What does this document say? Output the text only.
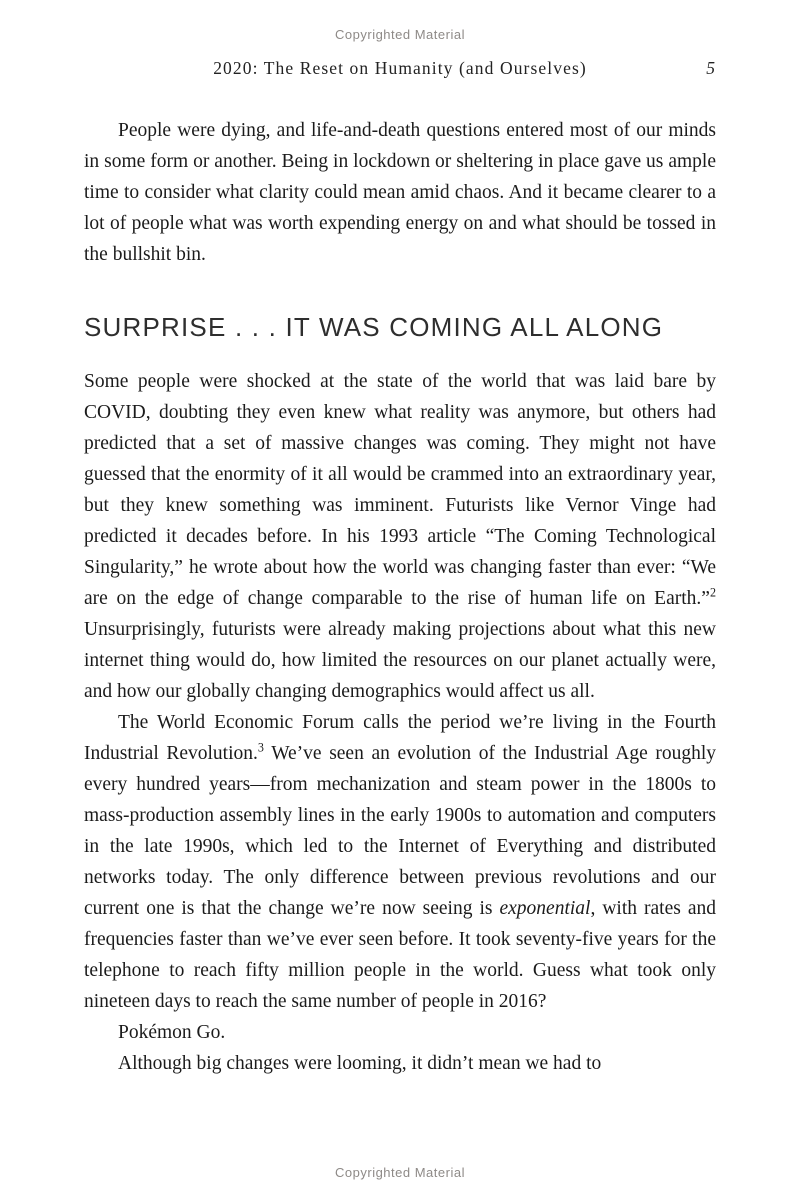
Copyrighted Material
2020: The Reset on Humanity (and Ourselves)	5

People were dying, and life-and-death questions entered most of our minds in some form or another. Being in lockdown or sheltering in place gave us ample time to consider what clarity could mean amid chaos. And it became clearer to a lot of people what was worth expending energy on and what should be tossed in the bullshit bin.

SURPRISE . . . IT WAS COMING ALL ALONG

Some people were shocked at the state of the world that was laid bare by COVID, doubting they even knew what reality was anymore, but others had predicted that a set of massive changes was coming. They might not have guessed that the enormity of it all would be crammed into an extraordinary year, but they knew something was imminent. Futurists like Vernor Vinge had predicted it decades before. In his 1993 article “The Coming Technological Singularity,” he wrote about how the world was changing faster than ever: “We are on the edge of change comparable to the rise of human life on Earth.”$^2$ Unsurprisingly, futurists were already making projections about what this new internet thing would do, how limited the resources on our planet actually were, and how our globally changing demographics would affect us all.

The World Economic Forum calls the period we’re living in the Fourth Industrial Revolution.$^3$ We’ve seen an evolution of the Industrial Age roughly every hundred years—from mechanization and steam power in the 1800s to mass-production assembly lines in the early 1900s to automation and computers in the late 1990s, which led to the Internet of Everything and distributed networks today. The only difference between previous revolutions and our current one is that the change we’re now seeing is exponential, with rates and frequencies faster than we’ve ever seen before. It took seventy-five years for the telephone to reach fifty million people in the world. Guess what took only nineteen days to reach the same number of people in 2016?

Pokémon Go.

Although big changes were looming, it didn’t mean we had to

Copyrighted Material
